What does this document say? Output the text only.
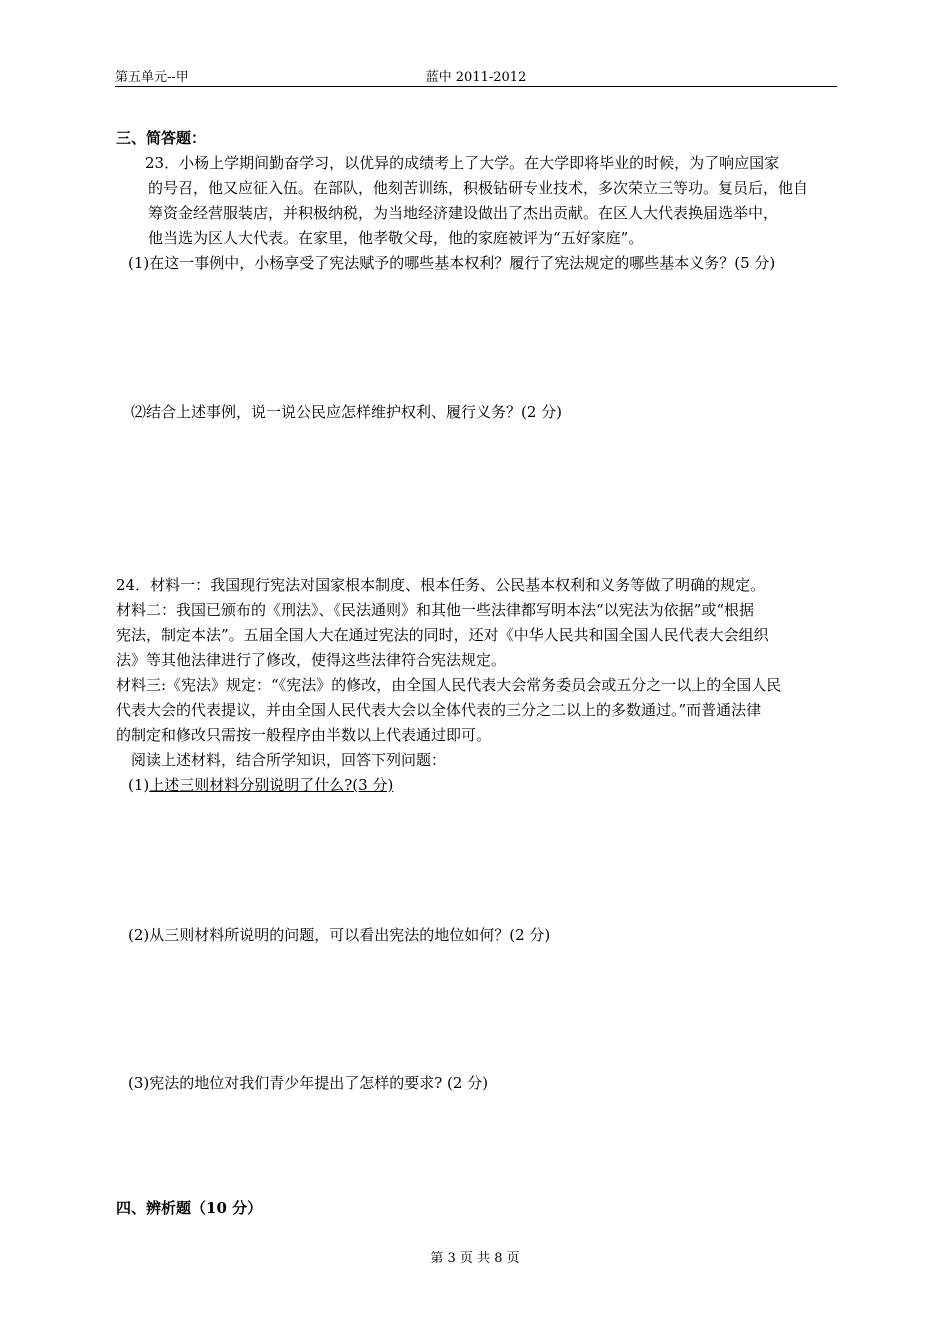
第五单元--甲	蓝中 2011-2012
三、简答题：
23．小杨上学期间勤奋学习，以优异的成绩考上了大学。在大学即将毕业的时候，为了响应国家
的号召，他又应征入伍。在部队，他刻苦训练，积极钻研专业技术，多次荣立三等功。复员后，他自
筹资金经营服装店，并积极纳税，为当地经济建设做出了杰出贡献。在区人大代表换届选举中，
他当选为区人大代表。在家里，他孝敬父母，他的家庭被评为“五好家庭”。
(1)在这一事例中，小杨享受了宪法赋予的哪些基本权利？履行了宪法规定的哪些基本义务？(5 分)
⑵结合上述事例，说一说公民应怎样维护权利、履行义务？(2 分)
24．材料一：我国现行宪法对国家根本制度、根本任务、公民基本权利和义务等做了明确的规定。
材料二：我国已颁布的《刑法》、《民法通则》和其他一些法律都写明本法“以宪法为依据”或“根据
宪法，制定本法”。五届全国人大在通过宪法的同时，还对《中华人民共和国全国人民代表大会组织
法》等其他法律进行了修改，使得这些法律符合宪法规定。
材料三:《宪法》规定：“《宪法》的修改，由全国人民代表大会常务委员会或五分之一以上的全国人民
代表大会的代表提议，并由全国人民代表大会以全体代表的三分之二以上的多数通过。”而普通法律
的制定和修改只需按一般程序由半数以上代表通过即可。
阅读上述材料，结合所学知识，回答下列问题：
(1)上述三则材料分别说明了什么?(3 分)
(2)从三则材料所说明的问题，可以看出宪法的地位如何？(2 分)
(3)宪法的地位对我们青少年提出了怎样的要求? (2 分)
四、辨析题（10 分）
第 3 页 共 8 页
